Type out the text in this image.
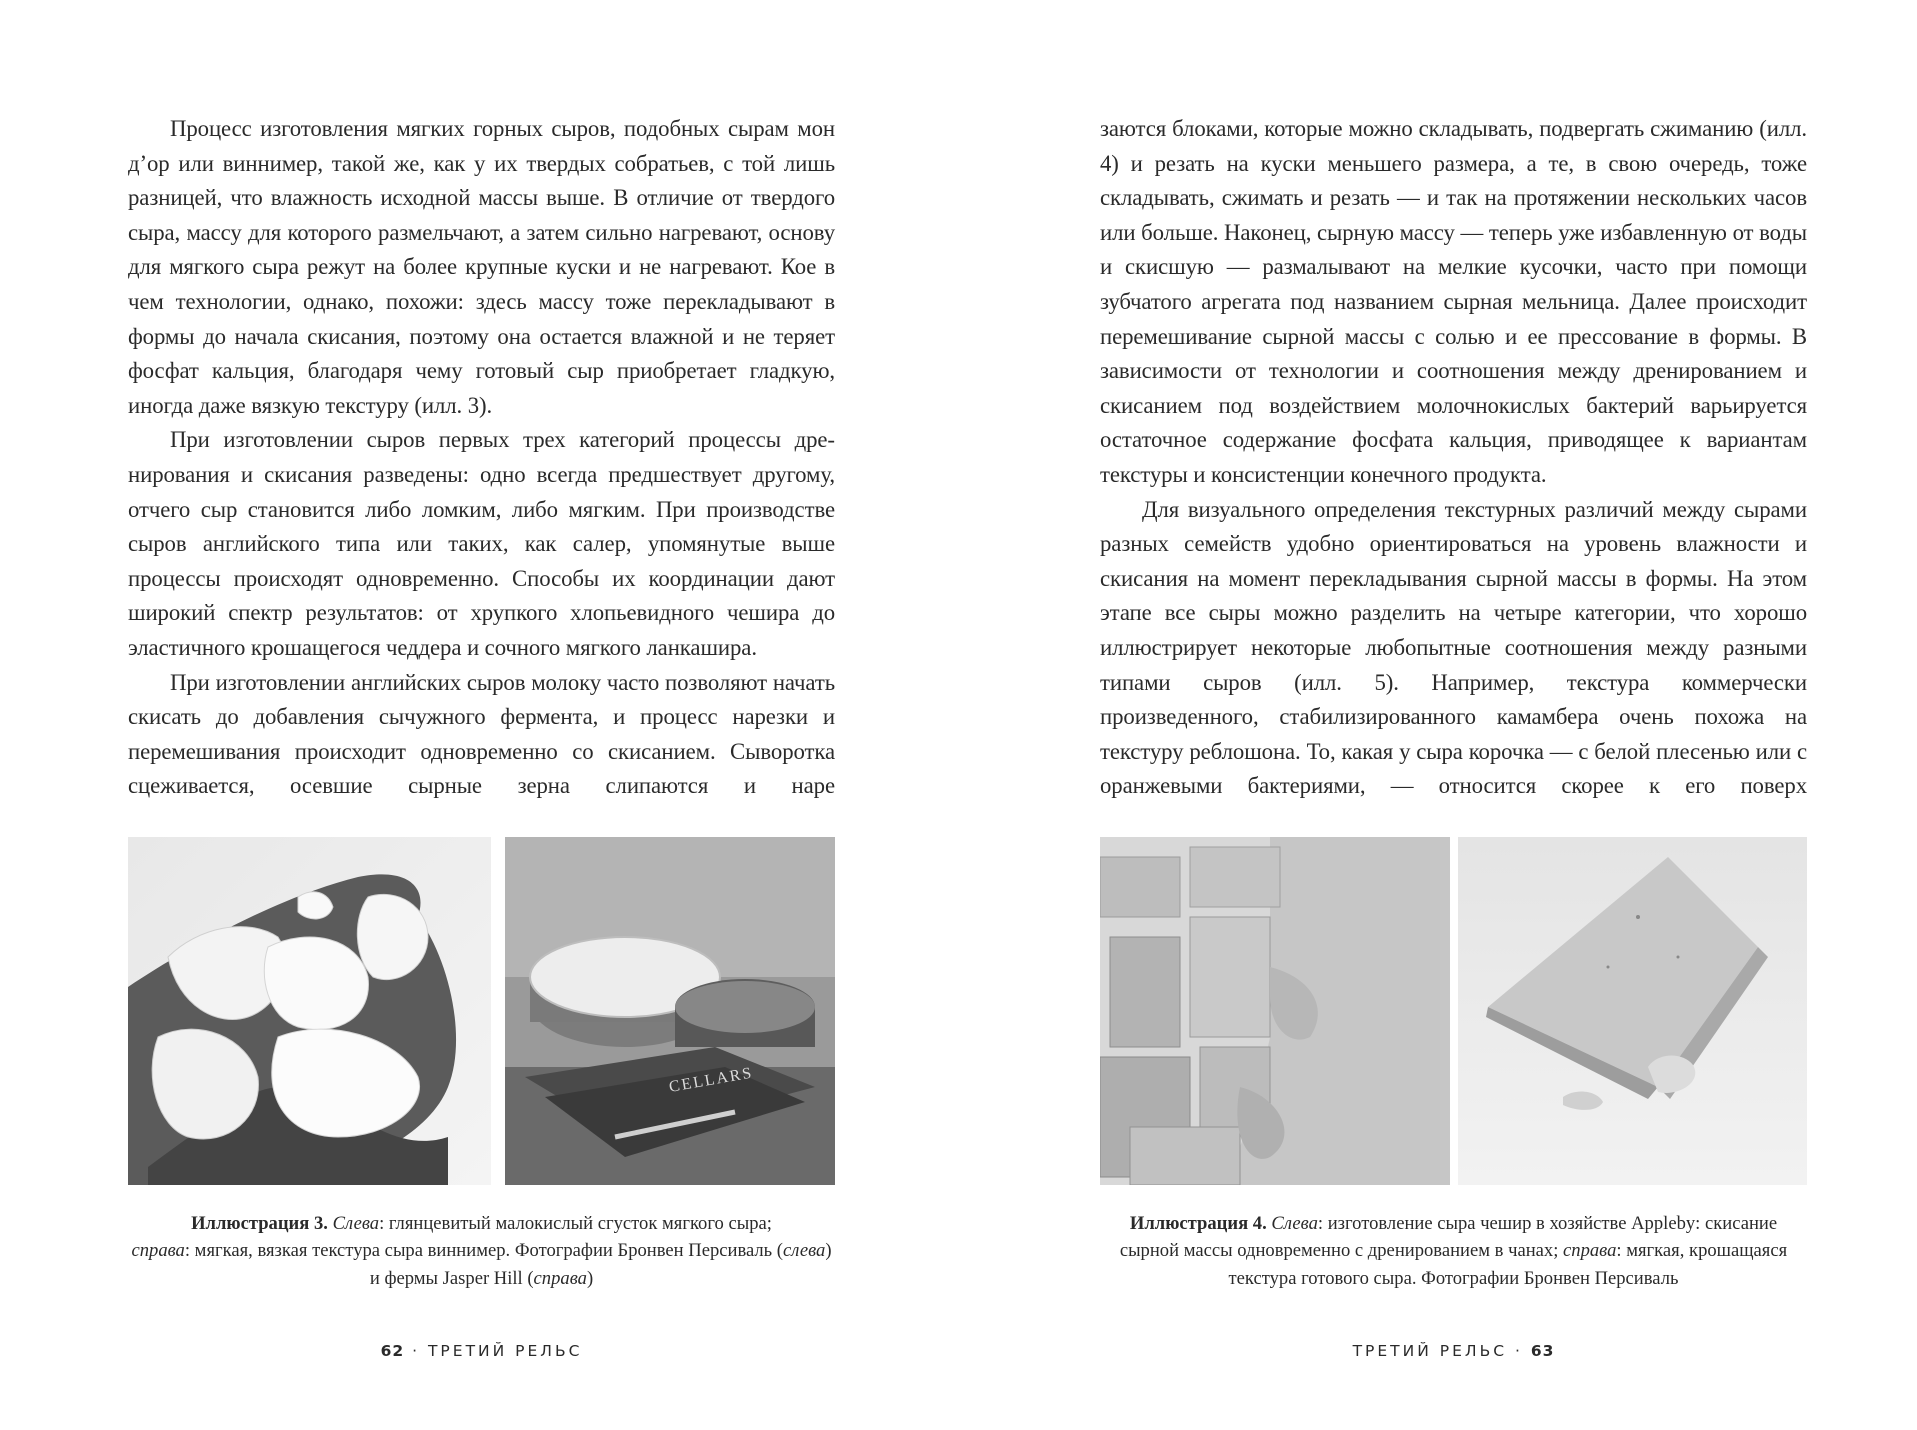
Процесс изготовления мягких горных сыров, подобных сырам мон д’ор или виннимер, такой же, как у их твердых собратьев, с той лишь разницей, что влажность исходной массы выше. В отличие от твердого сыра, массу для которого размельчают, а затем сильно нагревают, основу для мягкого сыра режут на более крупные куски и не нагревают. Кое в чем технологии, однако, похожи: здесь массу тоже перекладывают в формы до начала скисания, поэтому она остается влажной и не теряет фосфат кальция, благодаря чему готовый сыр приобретает гладкую, иногда даже вязкую текстуру (илл. 3).

При изготовлении сыров первых трех категорий процессы дренирования и скисания разведены: одно всегда предшествует другому, отчего сыр становится либо ломким, либо мягким. При производстве сыров английского типа или таких, как салер, упомянутые выше процессы происходят одновременно. Способы их координации дают широкий спектр результатов: от хрупкого хлопьевидного чешира до эластичного крошащегося чеддера и сочного мягкого ланкашира.

При изготовлении английских сыров молоку часто позволяют начать скисать до добавления сычужного фермента, и процесс нарезки и перемешивания происходит одновременно со скисанием. Сыворотка сцеживается, осевшие сырные зерна слипаются и наре

CELLARS
Иллюстрация 3. Слева: глянцевитый малокислый сгусток мягкого сыра;
справа: мягкая, вязкая текстура сыра виннимер. Фотографии Бронвен Персиваль (слева) и фермы Jasper Hill (справа)
62 · ТРЕТИЙ РЕЛЬС

заются блоками, которые можно складывать, подвергать сжиманию (илл. 4) и резать на куски меньшего размера, а те, в свою очередь, тоже складывать, сжимать и резать — и так на протяжении нескольких часов или больше. Наконец, сырную массу — теперь уже избавленную от воды и скисшую — размалывают на мелкие кусочки, часто при помощи зубчатого агрегата под названием сырная мельница. Далее происходит перемешивание сырной массы с солью и ее прессование в формы. В зависимости от технологии и соотношения между дренированием и скисанием под воздействием молочнокислых бактерий варьируется остаточное содержание фосфата кальция, приводящее к вариантам текстуры и консистенции конечного продукта.

Для визуального определения текстурных различий между сырами разных семейств удобно ориентироваться на уровень влажности и скисания на момент перекладывания сырной массы в формы. На этом этапе все сыры можно разделить на четыре категории, что хорошо иллюстрирует некоторые любопытные соотношения между разными типами сыров (илл. 5). Например, текстура коммерчески произведенного, стабилизированного камамбера очень похожа на текстуру реблошона. То, какая у сыра корочка — с белой плесенью или с оранжевыми бактериями, — относится скорее к его поверх

Иллюстрация 4. Слева: изготовление сыра чешир в хозяйстве Appleby: скисание сырной массы одновременно с дренированием в чанах; справа: мягкая, крошащаяся текстура готового сыра. Фотографии Бронвен Персиваль
ТРЕТИЙ РЕЛЬС · 63
